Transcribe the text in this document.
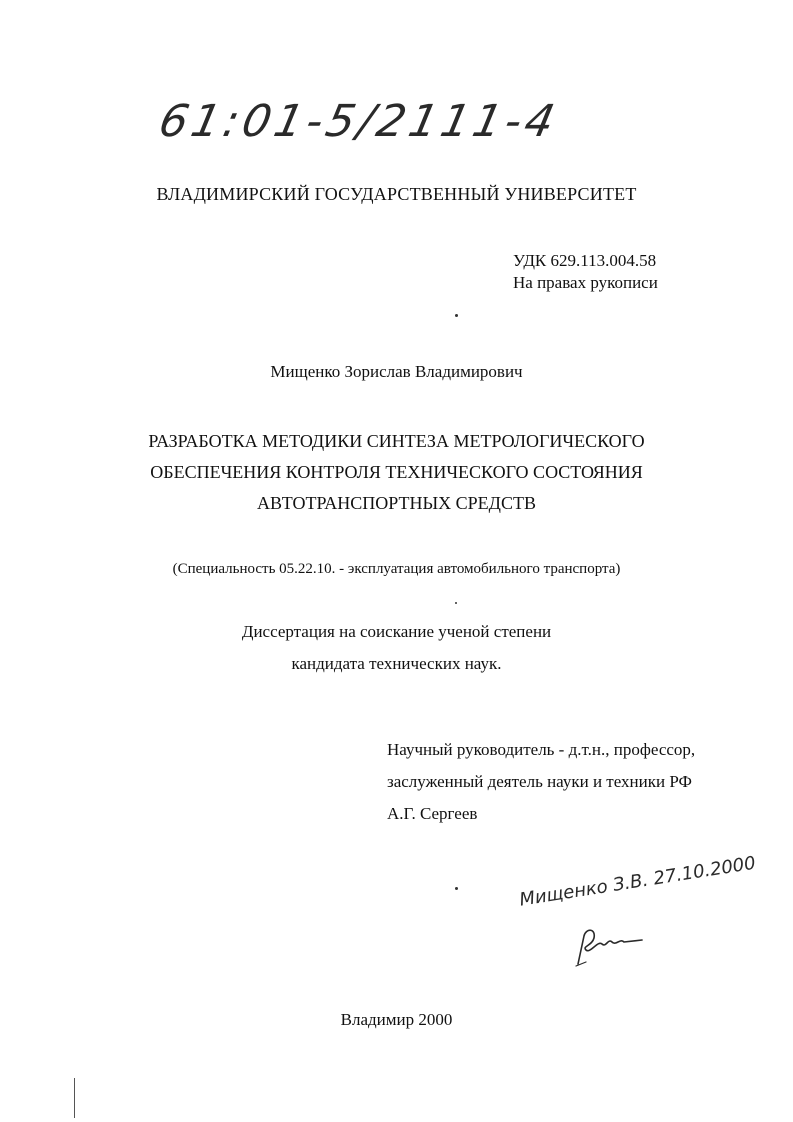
61:01-5/2111-4
ВЛАДИМИРСКИЙ ГОСУДАРСТВЕННЫЙ УНИВЕРСИТЕТ
УДК 629.113.004.58
На правах рукописи
Мищенко Зорислав Владимирович
РАЗРАБОТКА МЕТОДИКИ СИНТЕЗА МЕТРОЛОГИЧЕСКОГО
ОБЕСПЕЧЕНИЯ КОНТРОЛЯ ТЕХНИЧЕСКОГО СОСТОЯНИЯ
АВТОТРАНСПОРТНЫХ СРЕДСТВ
(Специальность 05.22.10. - эксплуатация автомобильного транспорта)
Диссертация на соискание ученой степени
кандидата технических наук.
Научный руководитель - д.т.н., профессор,
заслуженный деятель науки и техники РФ
А.Г. Сергеев
Мищенко З.В. 27.10.2000
Владимир 2000
